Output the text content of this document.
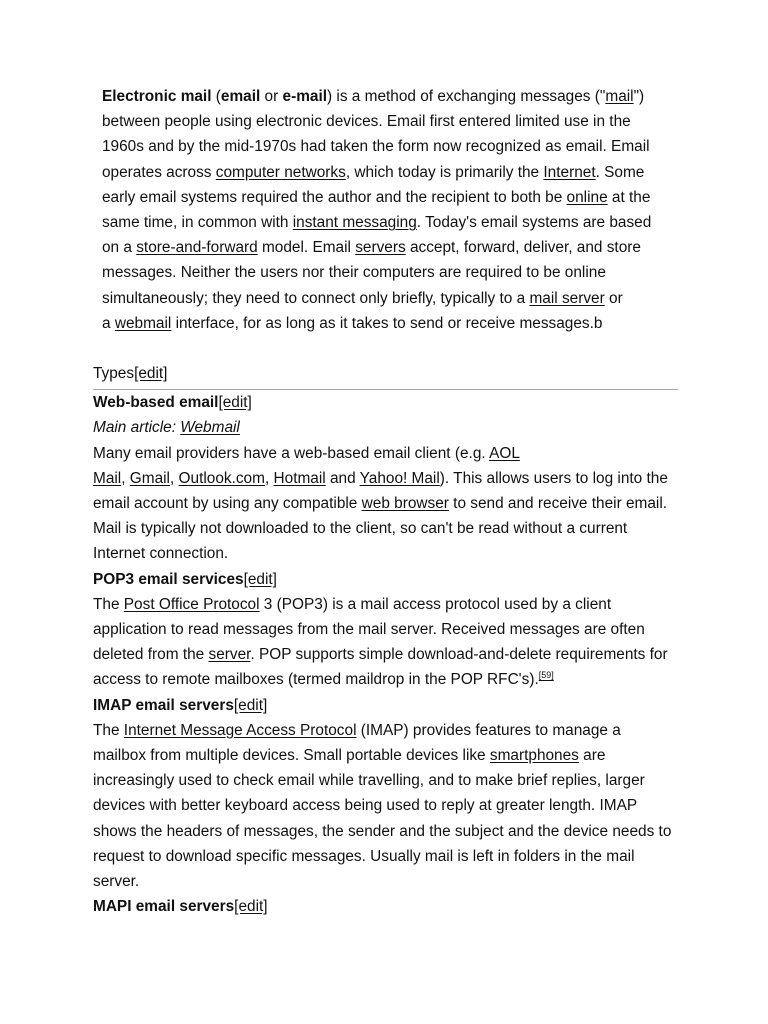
Electronic mail (email or e-mail) is a method of exchanging messages ("mail")
between people using electronic devices. Email first entered limited use in the
1960s and by the mid-1970s had taken the form now recognized as email. Email
operates across computer networks, which today is primarily the Internet. Some
early email systems required the author and the recipient to both be online at the
same time, in common with instant messaging. Today's email systems are based
on a store-and-forward model. Email servers accept, forward, deliver, and store
messages. Neither the users nor their computers are required to be online
simultaneously; they need to connect only briefly, typically to a mail server or
a webmail interface, for as long as it takes to send or receive messages.b
Types[edit]
Web-based email[edit]
Main article: Webmail
Many email providers have a web-based email client (e.g. AOL
Mail, Gmail, Outlook.com, Hotmail and Yahoo! Mail). This allows users to log into the
email account by using any compatible web browser to send and receive their email.
Mail is typically not downloaded to the client, so can't be read without a current
Internet connection.
POP3 email services[edit]
The Post Office Protocol 3 (POP3) is a mail access protocol used by a client
application to read messages from the mail server. Received messages are often
deleted from the server. POP supports simple download-and-delete requirements for
access to remote mailboxes (termed maildrop in the POP RFC's).[59]
IMAP email servers[edit]
The Internet Message Access Protocol (IMAP) provides features to manage a
mailbox from multiple devices. Small portable devices like smartphones are
increasingly used to check email while travelling, and to make brief replies, larger
devices with better keyboard access being used to reply at greater length. IMAP
shows the headers of messages, the sender and the subject and the device needs to
request to download specific messages. Usually mail is left in folders in the mail
server.
MAPI email servers[edit]
